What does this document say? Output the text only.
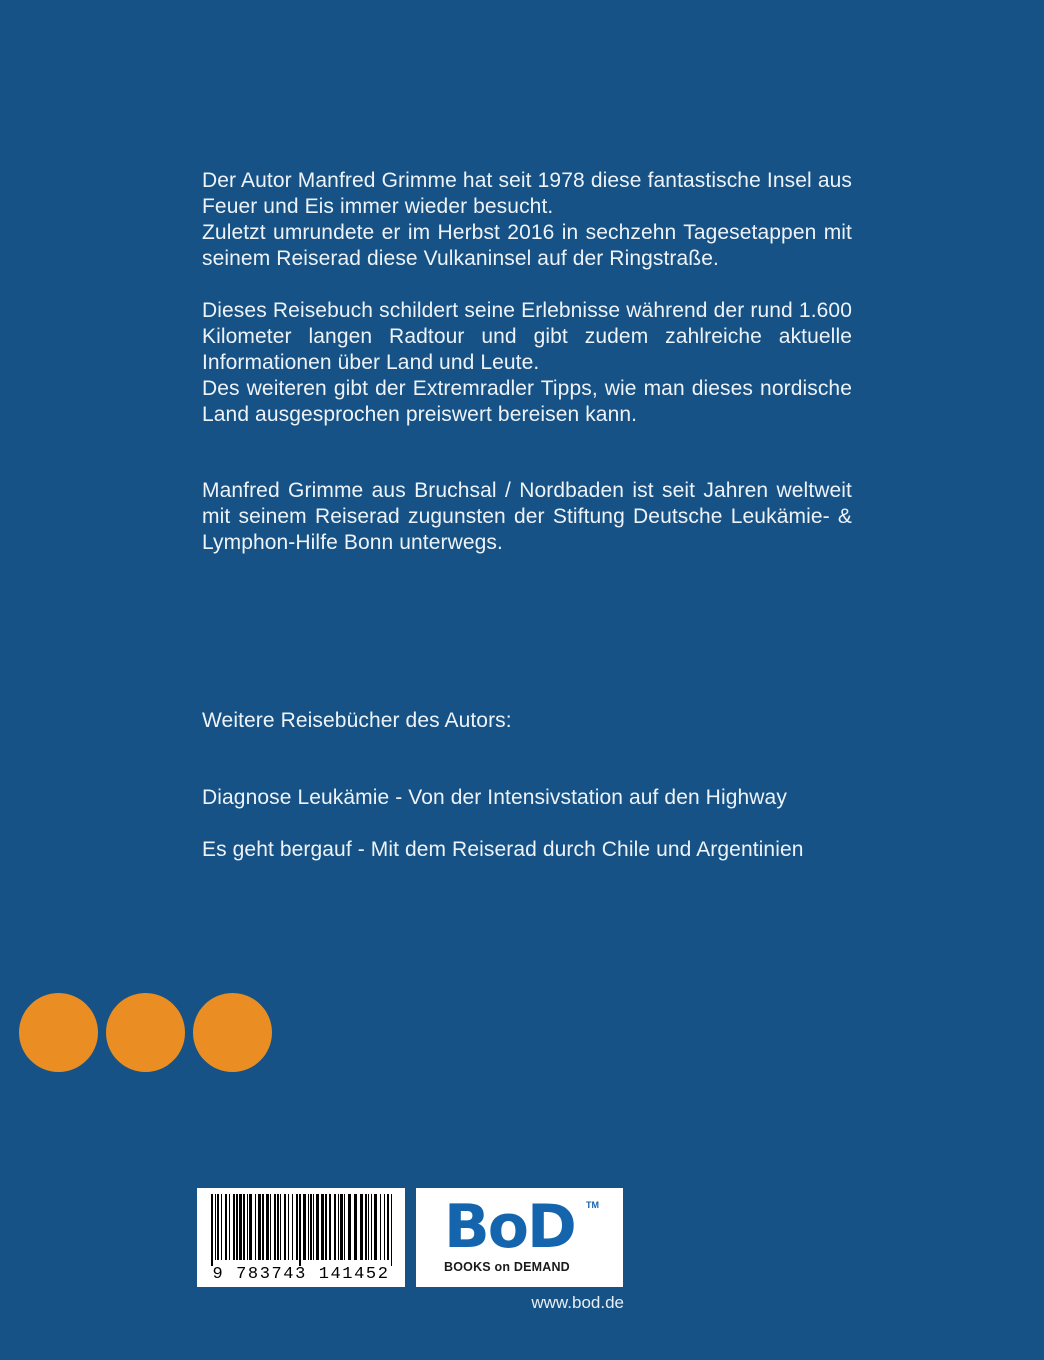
Der Autor Manfred Grimme hat seit 1978 diese fantastische Insel aus
Feuer und Eis immer wieder besucht.
Zuletzt umrundete er im Herbst 2016 in sechzehn Tagesetappen mit
seinem Reiserad diese Vulkaninsel auf der Ringstraße.
Dieses Reisebuch schildert seine Erlebnisse während der rund 1.600
Kilometer langen Radtour und gibt zudem zahlreiche aktuelle
Informationen über Land und Leute.
Des weiteren gibt der Extremradler Tipps, wie man dieses nordische
Land ausgesprochen preiswert bereisen kann.
Manfred Grimme aus Bruchsal / Nordbaden ist seit Jahren weltweit
mit seinem Reiserad zugunsten der Stiftung Deutsche Leukämie- &
Lymphon-Hilfe Bonn unterwegs.
Weitere Reisebücher des Autors:
Diagnose Leukämie - Von der Intensivstation auf den Highway
Es geht bergauf - Mit dem Reiserad durch Chile und Argentinien
9 783743 141452
BoD TM
BOOKS on DEMAND
www.bod.de
